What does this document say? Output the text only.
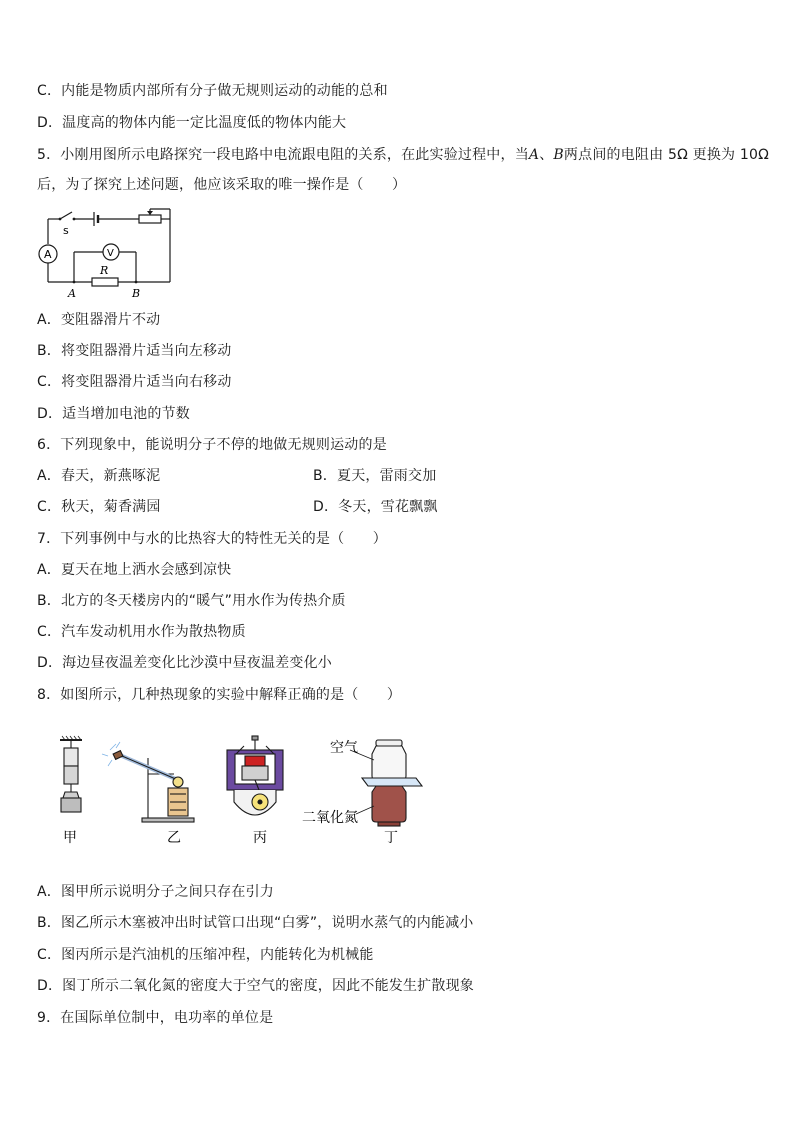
C．内能是物质内部所有分子做无规则运动的动能的总和
D．温度高的物体内能一定比温度低的物体内能大
5．小刚用图所示电路探究一段电路中电流跟电阻的关系，在此实验过程中，当A、B两点间的电阻由 5Ω 更换为 10Ω
后，为了探究上述问题，他应该采取的唯一操作是（　　）
s
A	V
R
A	B
A．变阻器滑片不动
B．将变阻器滑片适当向左移动
C．将变阻器滑片适当向右移动
D．适当增加电池的节数
6．下列现象中，能说明分子不停的地做无规则运动的是
A．春天，新燕啄泥	B．夏天，雷雨交加
C．秋天，菊香满园	D．冬天，雪花飘飘
7．下列事例中与水的比热容大的特性无关的是（　　）
A．夏天在地上洒水会感到凉快
B．北方的冬天楼房内的“暖气”用水作为传热介质
C．汽车发动机用水作为散热物质
D．海边昼夜温差变化比沙漠中昼夜温差变化小
8．如图所示，几种热现象的实验中解释正确的是（　　）
甲	乙	丙
空气
二氧化氮
丁
A．图甲所示说明分子之间只存在引力
B．图乙所示木塞被冲出时试管口出现“白雾”，说明水蒸气的内能减小
C．图丙所示是汽油机的压缩冲程，内能转化为机械能
D．图丁所示二氧化氮的密度大于空气的密度，因此不能发生扩散现象
9．在国际单位制中，电功率的单位是
